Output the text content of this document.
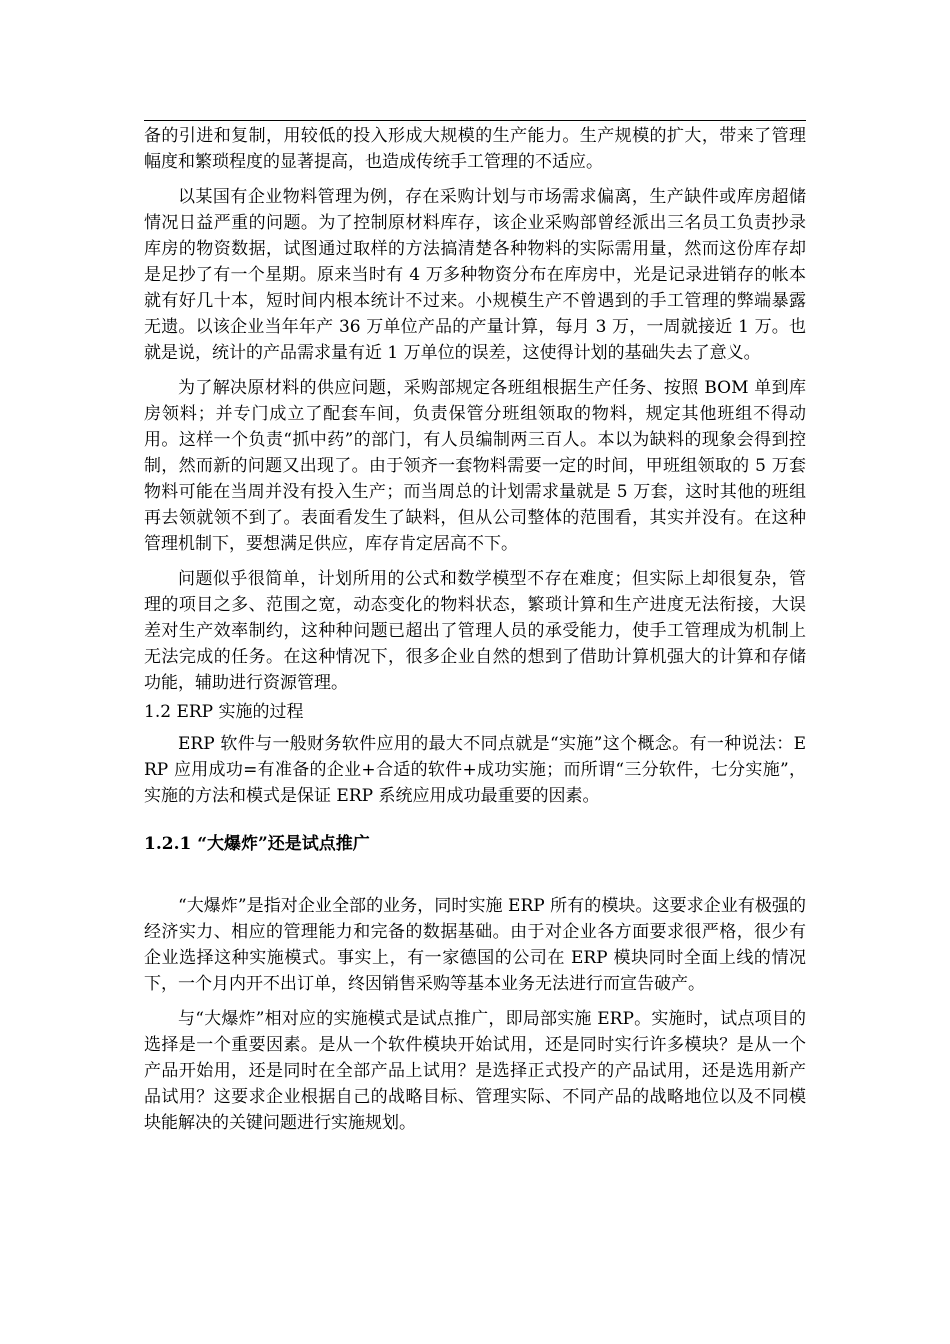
备的引进和复制，用较低的投入形成大规模的生产能力。生产规模的扩大，带来了管理幅度和繁琐程度的显著提高，也造成传统手工管理的不适应。

以某国有企业物料管理为例，存在采购计划与市场需求偏离，生产缺件或库房超储情况日益严重的问题。为了控制原材料库存，该企业采购部曾经派出三名员工负责抄录库房的物资数据，试图通过取样的方法搞清楚各种物料的实际需用量，然而这份库存却是足抄了有一个星期。原来当时有 4 万多种物资分布在库房中，光是记录进销存的帐本就有好几十本，短时间内根本统计不过来。小规模生产不曾遇到的手工管理的弊端暴露无遗。以该企业当年年产 36 万单位产品的产量计算，每月 3 万，一周就接近 1 万。也就是说，统计的产品需求量有近 1 万单位的误差，这使得计划的基础失去了意义。

为了解决原材料的供应问题，采购部规定各班组根据生产任务、按照 BOM 单到库房领料；并专门成立了配套车间，负责保管分班组领取的物料，规定其他班组不得动用。这样一个负责“抓中药”的部门，有人员编制两三百人。本以为缺料的现象会得到控制，然而新的问题又出现了。由于领齐一套物料需要一定的时间，甲班组领取的 5 万套物料可能在当周并没有投入生产；而当周总的计划需求量就是 5 万套，这时其他的班组再去领就领不到了。表面看发生了缺料，但从公司整体的范围看，其实并没有。在这种管理机制下，要想满足供应，库存肯定居高不下。

问题似乎很简单，计划所用的公式和数学模型不存在难度；但实际上却很复杂，管理的项目之多、范围之宽，动态变化的物料状态，繁琐计算和生产进度无法衔接，大误差对生产效率制约，这种种问题已超出了管理人员的承受能力，使手工管理成为机制上无法完成的任务。在这种情况下，很多企业自然的想到了借助计算机强大的计算和存储功能，辅助进行资源管理。

1.2 ERP 实施的过程

ERP 软件与一般财务软件应用的最大不同点就是“实施”这个概念。有一种说法：ERP 应用成功=有准备的企业+合适的软件+成功实施；而所谓“三分软件，七分实施”，实施的方法和模式是保证 ERP 系统应用成功最重要的因素。

1.2.1 “大爆炸”还是试点推广

“大爆炸”是指对企业全部的业务，同时实施 ERP 所有的模块。这要求企业有极强的经济实力、相应的管理能力和完备的数据基础。由于对企业各方面要求很严格，很少有企业选择这种实施模式。事实上，有一家德国的公司在 ERP 模块同时全面上线的情况下，一个月内开不出订单，终因销售采购等基本业务无法进行而宣告破产。

与“大爆炸”相对应的实施模式是试点推广，即局部实施 ERP。实施时，试点项目的选择是一个重要因素。是从一个软件模块开始试用，还是同时实行许多模块？是从一个产品开始用，还是同时在全部产品上试用？是选择正式投产的产品试用，还是选用新产品试用？这要求企业根据自己的战略目标、管理实际、不同产品的战略地位以及不同模块能解决的关键问题进行实施规划。
